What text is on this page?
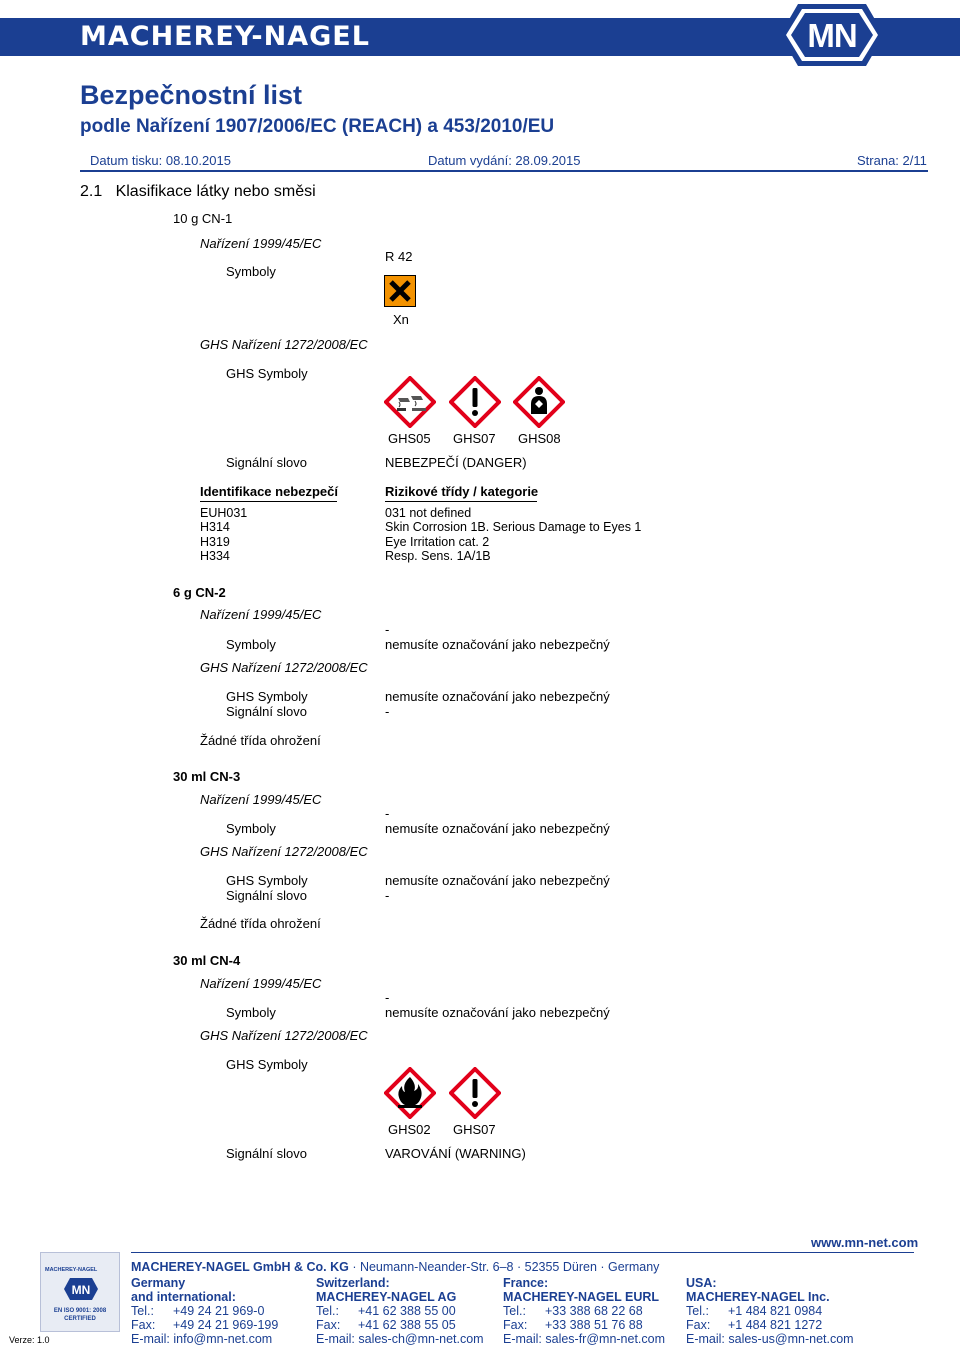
MACHEREY-NAGEL	MN
Bezpečnostní list
podle Nařízení 1907/2006/EC (REACH) a 453/2010/EU
Datum tisku: 08.10.2015	Datum vydání: 28.09.2015	Strana: 2/11
2.1   Klasifikace látky nebo směsi
10 g CN-1
Nařízení 1999/45/EC
Symboly
R 42
Xn
GHS Nařízení 1272/2008/EC
GHS Symboly
GHS05 GHS07 GHS08
Signální slovo	NEBEZPEČÍ (DANGER)
Identifikace nebezpečí	Rizikové třídy / kategorie
EUH031	031 not defined
H314	Skin Corrosion 1B. Serious Damage to Eyes 1
H319	Eye Irritation cat. 2
H334	Resp. Sens. 1A/1B
6 g CN-2
Nařízení 1999/45/EC
-
Symboly	nemusíte označování jako nebezpečný
GHS Nařízení 1272/2008/EC
GHS Symboly	nemusíte označování jako nebezpečný
Signální slovo	-
Žádné třída ohrožení
30 ml CN-3
Nařízení 1999/45/EC
-
Symboly	nemusíte označování jako nebezpečný
GHS Nařízení 1272/2008/EC
GHS Symboly	nemusíte označování jako nebezpečný
Signální slovo	-
Žádné třída ohrožení
30 ml CN-4
Nařízení 1999/45/EC
-
Symboly	nemusíte označování jako nebezpečný
GHS Nařízení 1272/2008/EC
GHS Symboly
GHS02 GHS07
Signální slovo	VAROVÁNÍ (WARNING)
www.mn-net.com
MACHEREY-NAGEL
MN
EN ISO 9001: 2008 CERTIFIED
Verze: 1.0
MACHEREY-NAGEL GmbH & Co. KG · Neumann-Neander-Str. 6–8 · 52355 Düren · Germany
Germany
and international:
Tel.: +49 24 21 969-0
Fax: +49 24 21 969-199
E-mail: info@mn-net.com
Switzerland:
MACHEREY-NAGEL AG
Tel.: +41 62 388 55 00
Fax: +41 62 388 55 05
E-mail: sales-ch@mn-net.com
France:
MACHEREY-NAGEL EURL
Tel.: +33 388 68 22 68
Fax: +33 388 51 76 88
E-mail: sales-fr@mn-net.com
USA:
MACHEREY-NAGEL Inc.
Tel.: +1 484 821 0984
Fax: +1 484 821 1272
E-mail: sales-us@mn-net.com
